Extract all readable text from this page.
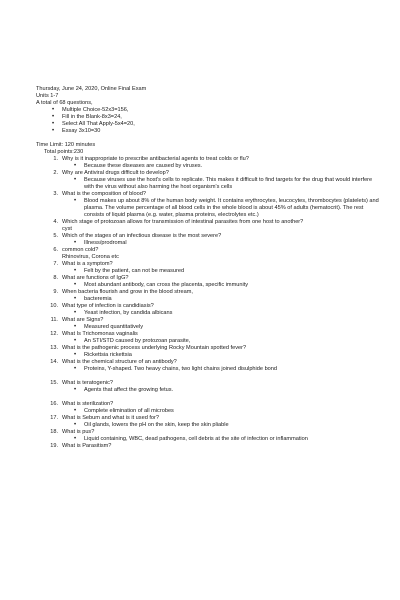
Thursday, June 24, 2020, Online Final Exam
Units 1-7
A total of 68 questions,
• Multiple Choice-52x3=156,
• Fill in the Blank-8x3=24,
• Select All That Apply-5x4=20,
• Essay 3x10=30
Time Limit: 120 minutes
Total points:230
1. Why is it inappropriate to prescribe antibacterial agents to treat colds or flu?
• Because these diseases are caused by viruses.
2. Why are Antiviral drugs difficult to develop?
• Because viruses use the host's cells to replicate. This makes it difficult to find targets for the drug that would interfere with the virus without also harming the host organism's cells
3. What is the composition of blood?
• Blood makes up about 8% of the human body weight. It contains erythrocytes, leucocytes, thrombocytes (platelets) and plasma. The volume percentage of all blood cells in the whole blood is about 45% of adults (hematocrit). The rest consists of liquid plasma (e.g. water, plasma proteins, electrolytes etc.)
4. Which stage of protozoan allows for transmission of intestinal parasites from one host to another?
cyst
5. Which of the stages of an infectious disease is the most severe?
• Illness/prodromal
6. common cold?
Rhinovirus, Corona etc
7. What is a symptom?
• Felt by the patient, can not be measured
8. What are functions of IgG?
• Most abundant antibody, can cross the placenta, specific immunity
9. When bacteria flourish and grow in the blood stream,
• bacteremia
10. What type of infection is candidiasis?
• Yeast infection, by candida albicans
11. What are Signs?
• Measured quantitatively
12. What Is Trichomonas vaginalis
• An STI/STD caused by protozoan parasite,
13. What is the pathogenic process underlying Rocky Mountain spotted fever?
• Rickettsia rickettsia
14. What is the chemical structure of an antibody?
• Proteins, Y-shaped. Two heavy chains, two light chains joined disulphide bond
15. What is teratogenic?
• Agents that affect the growing fetus.
16. What is sterilization?
• Complete elimination of all microbes
17. What is Sebum and what is it used for?
• Oil glands, lowers the pH on the skin, keep the skin pliable
18. What is pus?
• Liquid containing, WBC, dead pathogens, cell debris at the site of infection or inflammation
19. What is Parasitism?
